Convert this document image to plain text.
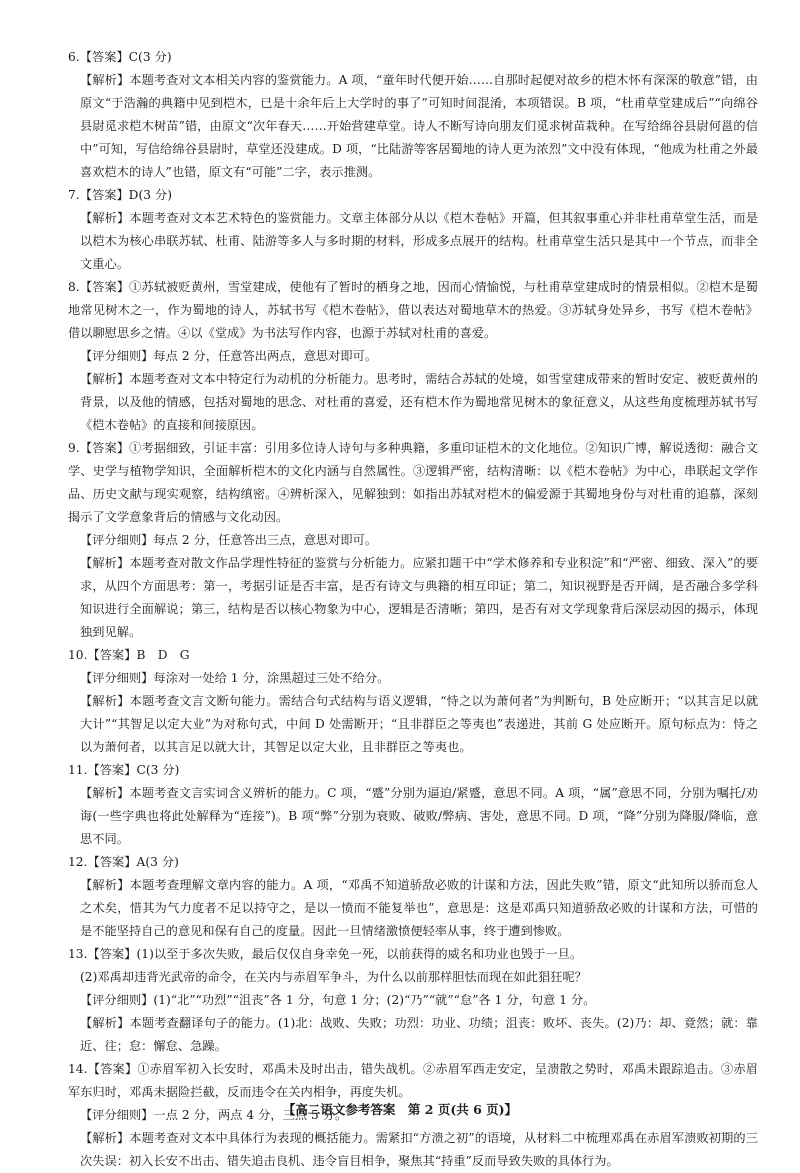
6.【答案】C(3 分)

【解析】本题考查对文本相关内容的鉴赏能力。A 项，“童年时代便开始……自那时起便对故乡的桤木怀有深深的敬意”错，由原文“于浩瀚的典籍中见到桤木，已是十余年后上大学时的事了”可知时间混淆，本项错误。B 项，“杜甫草堂建成后”“向绵谷县尉觅求桤木树苗”错，由原文“次年春天……开始营建草堂。诗人不断写诗向朋友们觅求树苗栽种。在写给绵谷县尉何邕的信中”可知，写信给绵谷县尉时，草堂还没建成。D 项，“比陆游等客居蜀地的诗人更为浓烈”文中没有体现，“他成为杜甫之外最喜欢桤木的诗人”也错，原文有“可能”二字，表示推测。

7.【答案】D(3 分)

【解析】本题考查对文本艺术特色的鉴赏能力。文章主体部分从以《桤木卷帖》开篇，但其叙事重心并非杜甫草堂生活，而是以桤木为核心串联苏轼、杜甫、陆游等多人与多时期的材料，形成多点展开的结构。杜甫草堂生活只是其中一个节点，而非全文重心。

8.【答案】①苏轼被贬黄州，雪堂建成，使他有了暂时的栖身之地，因而心情愉悦，与杜甫草堂建成时的情景相似。②桤木是蜀地常见树木之一，作为蜀地的诗人，苏轼书写《桤木卷帖》，借以表达对蜀地草木的热爱。③苏轼身处异乡，书写《桤木卷帖》借以聊慰思乡之情。④以《堂成》为书法写作内容，也源于苏轼对杜甫的喜爱。

【评分细则】每点 2 分，任意答出两点，意思对即可。

【解析】本题考查对文本中特定行为动机的分析能力。思考时，需结合苏轼的处境，如雪堂建成带来的暂时安定、被贬黄州的背景，以及他的情感，包括对蜀地的思念、对杜甫的喜爱，还有桤木作为蜀地常见树木的象征意义，从这些角度梳理苏轼书写《桤木卷帖》的直接和间接原因。

9.【答案】①考据细致，引证丰富：引用多位诗人诗句与多种典籍，多重印证桤木的文化地位。②知识广博，解说透彻：融合文学、史学与植物学知识，全面解析桤木的文化内涵与自然属性。③逻辑严密，结构清晰：以《桤木卷帖》为中心，串联起文学作品、历史文献与现实观察，结构缜密。④辨析深入，见解独到：如指出苏轼对桤木的偏爱源于其蜀地身份与对杜甫的追慕，深刻揭示了文学意象背后的情感与文化动因。

【评分细则】每点 2 分，任意答出三点，意思对即可。

【解析】本题考查对散文作品学理性特征的鉴赏与分析能力。应紧扣题干中“学术修养和专业积淀”和“严密、细致、深入”的要求，从四个方面思考：第一，考据引证是否丰富，是否有诗文与典籍的相互印证；第二，知识视野是否开阔，是否融合多学科知识进行全面解说；第三，结构是否以核心物象为中心，逻辑是否清晰；第四，是否有对文学现象背后深层动因的揭示，体现独到见解。

10.【答案】B　D　G

【评分细则】每涂对一处给 1 分，涂黑超过三处不给分。

【解析】本题考查文言文断句能力。需结合句式结构与语义逻辑，“恃之以为萧何者”为判断句，B 处应断开；“以其言足以就大计”“其智足以定大业”为对称句式，中间 D 处需断开；“且非群臣之等夷也”表递进，其前 G 处应断开。原句标点为：恃之以为萧何者，以其言足以就大计，其智足以定大业，且非群臣之等夷也。

11.【答案】C(3 分)

【解析】本题考查文言实词含义辨析的能力。C 项，“蹙”分别为逼迫/紧蹙，意思不同。A 项，“属”意思不同，分别为嘱托/劝诲(一些字典也将此处解释为“连接”)。B 项“弊”分别为衰败、破败/弊病、害处，意思不同。D 项，“降”分别为降服/降临，意思不同。

12.【答案】A(3 分)

【解析】本题考查理解文章内容的能力。A 项，“邓禹不知道骄敌必败的计谋和方法，因此失败”错，原文“此知所以骄而怠人之术矣，惜其为气力度者不足以持守之，是以一愤而不能复举也”，意思是：这是邓禹只知道骄敌必败的计谋和方法，可惜的是不能坚持自己的意见和保有自己的度量。因此一旦情绪激愤便轻率从事，终于遭到惨败。

13.【答案】(1)以至于多次失败，最后仅仅自身幸免一死，以前获得的威名和功业也毁于一旦。

(2)邓禹却违背光武帝的命令，在关内与赤眉军争斗，为什么以前那样胆怯而现在如此猖狂呢？

【评分细则】(1)“北”“功烈”“沮丧”各 1 分，句意 1 分；(2)“乃”“就”“怠”各 1 分，句意 1 分。

【解析】本题考查翻译句子的能力。(1)北：战败、失败；功烈：功业、功绩；沮丧：败坏、丧失。(2)乃：却、竟然；就：靠近、往；怠：懈怠、急躁。

14.【答案】①赤眉军初入长安时，邓禹未及时出击，错失战机。②赤眉军西走安定，呈溃散之势时，邓禹未跟踪追击。③赤眉军东归时，邓禹未据险拦截，反而违令在关内相争，再度失机。

【评分细则】一点 2 分，两点 4 分，三点 5 分。

【解析】本题考查对文本中具体行为表现的概括能力。需紧扣“方溃之初”的语境，从材料二中梳理邓禹在赤眉军溃败初期的三次失误：初入长安不出击、错失追击良机、违令盲目相争，聚焦其“持重”反而导致失败的具体行为。

【高二语文参考答案　第 2 页(共 6 页)】
